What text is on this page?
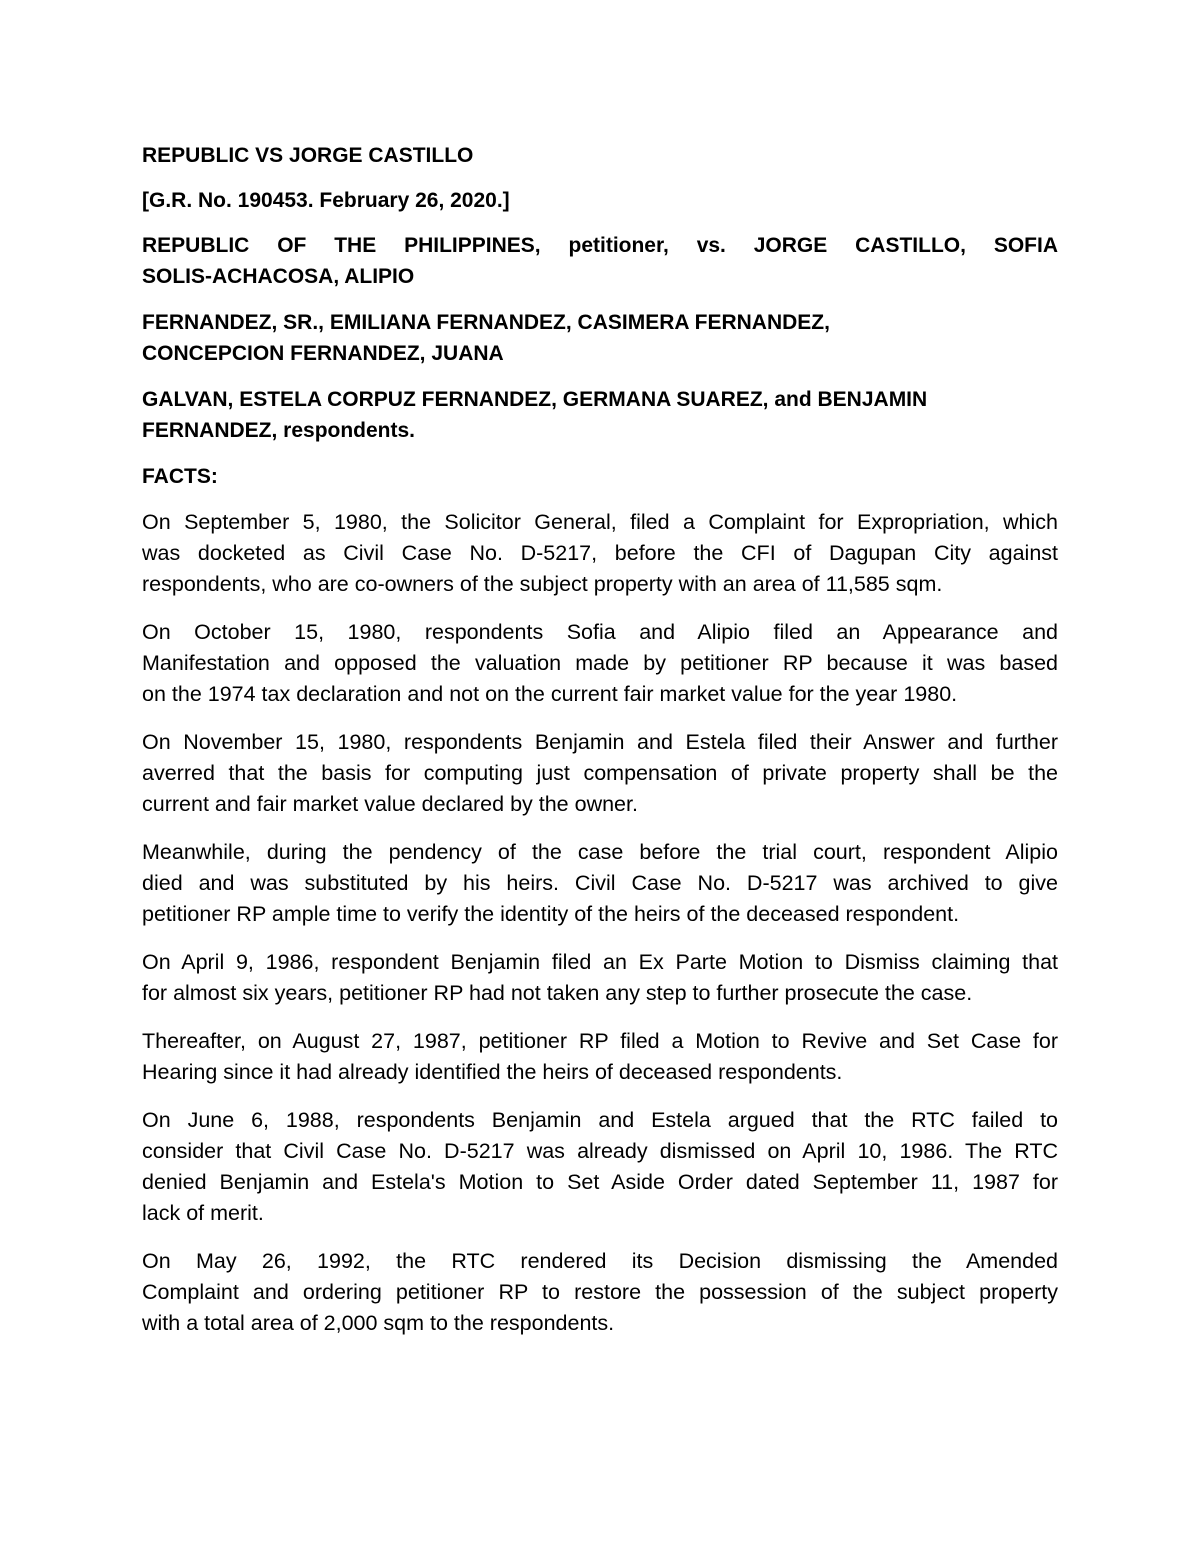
REPUBLIC VS JORGE CASTILLO
[G.R. No. 190453. February 26, 2020.]
REPUBLIC OF THE PHILIPPINES, petitioner, vs. JORGE CASTILLO, SOFIA
SOLIS-ACHACOSA, ALIPIO
FERNANDEZ, SR., EMILIANA FERNANDEZ, CASIMERA FERNANDEZ,
CONCEPCION FERNANDEZ, JUANA
GALVAN, ESTELA CORPUZ FERNANDEZ, GERMANA SUAREZ, and BENJAMIN
FERNANDEZ, respondents.
FACTS:
On September 5, 1980, the Solicitor General, filed a Complaint for Expropriation, which
was docketed as Civil Case No. D-5217, before the CFI of Dagupan City against
respondents, who are co-owners of the subject property with an area of 11,585 sqm.
On October 15, 1980, respondents Sofia and Alipio filed an Appearance and
Manifestation and opposed the valuation made by petitioner RP because it was based
on the 1974 tax declaration and not on the current fair market value for the year 1980.
On November 15, 1980, respondents Benjamin and Estela filed their Answer and further
averred that the basis for computing just compensation of private property shall be the
current and fair market value declared by the owner.
Meanwhile, during the pendency of the case before the trial court, respondent Alipio
died and was substituted by his heirs. Civil Case No. D-5217 was archived to give
petitioner RP ample time to verify the identity of the heirs of the deceased respondent.
On April 9, 1986, respondent Benjamin filed an Ex Parte Motion to Dismiss claiming that
for almost six years, petitioner RP had not taken any step to further prosecute the case.
Thereafter, on August 27, 1987, petitioner RP filed a Motion to Revive and Set Case for
Hearing since it had already identified the heirs of deceased respondents.
On June 6, 1988, respondents Benjamin and Estela argued that the RTC failed to
consider that Civil Case No. D-5217 was already dismissed on April 10, 1986. The RTC
denied Benjamin and Estela's Motion to Set Aside Order dated September 11, 1987 for
lack of merit.
On May 26, 1992, the RTC rendered its Decision dismissing the Amended
Complaint and ordering petitioner RP to restore the possession of the subject property
with a total area of 2,000 sqm to the respondents.
